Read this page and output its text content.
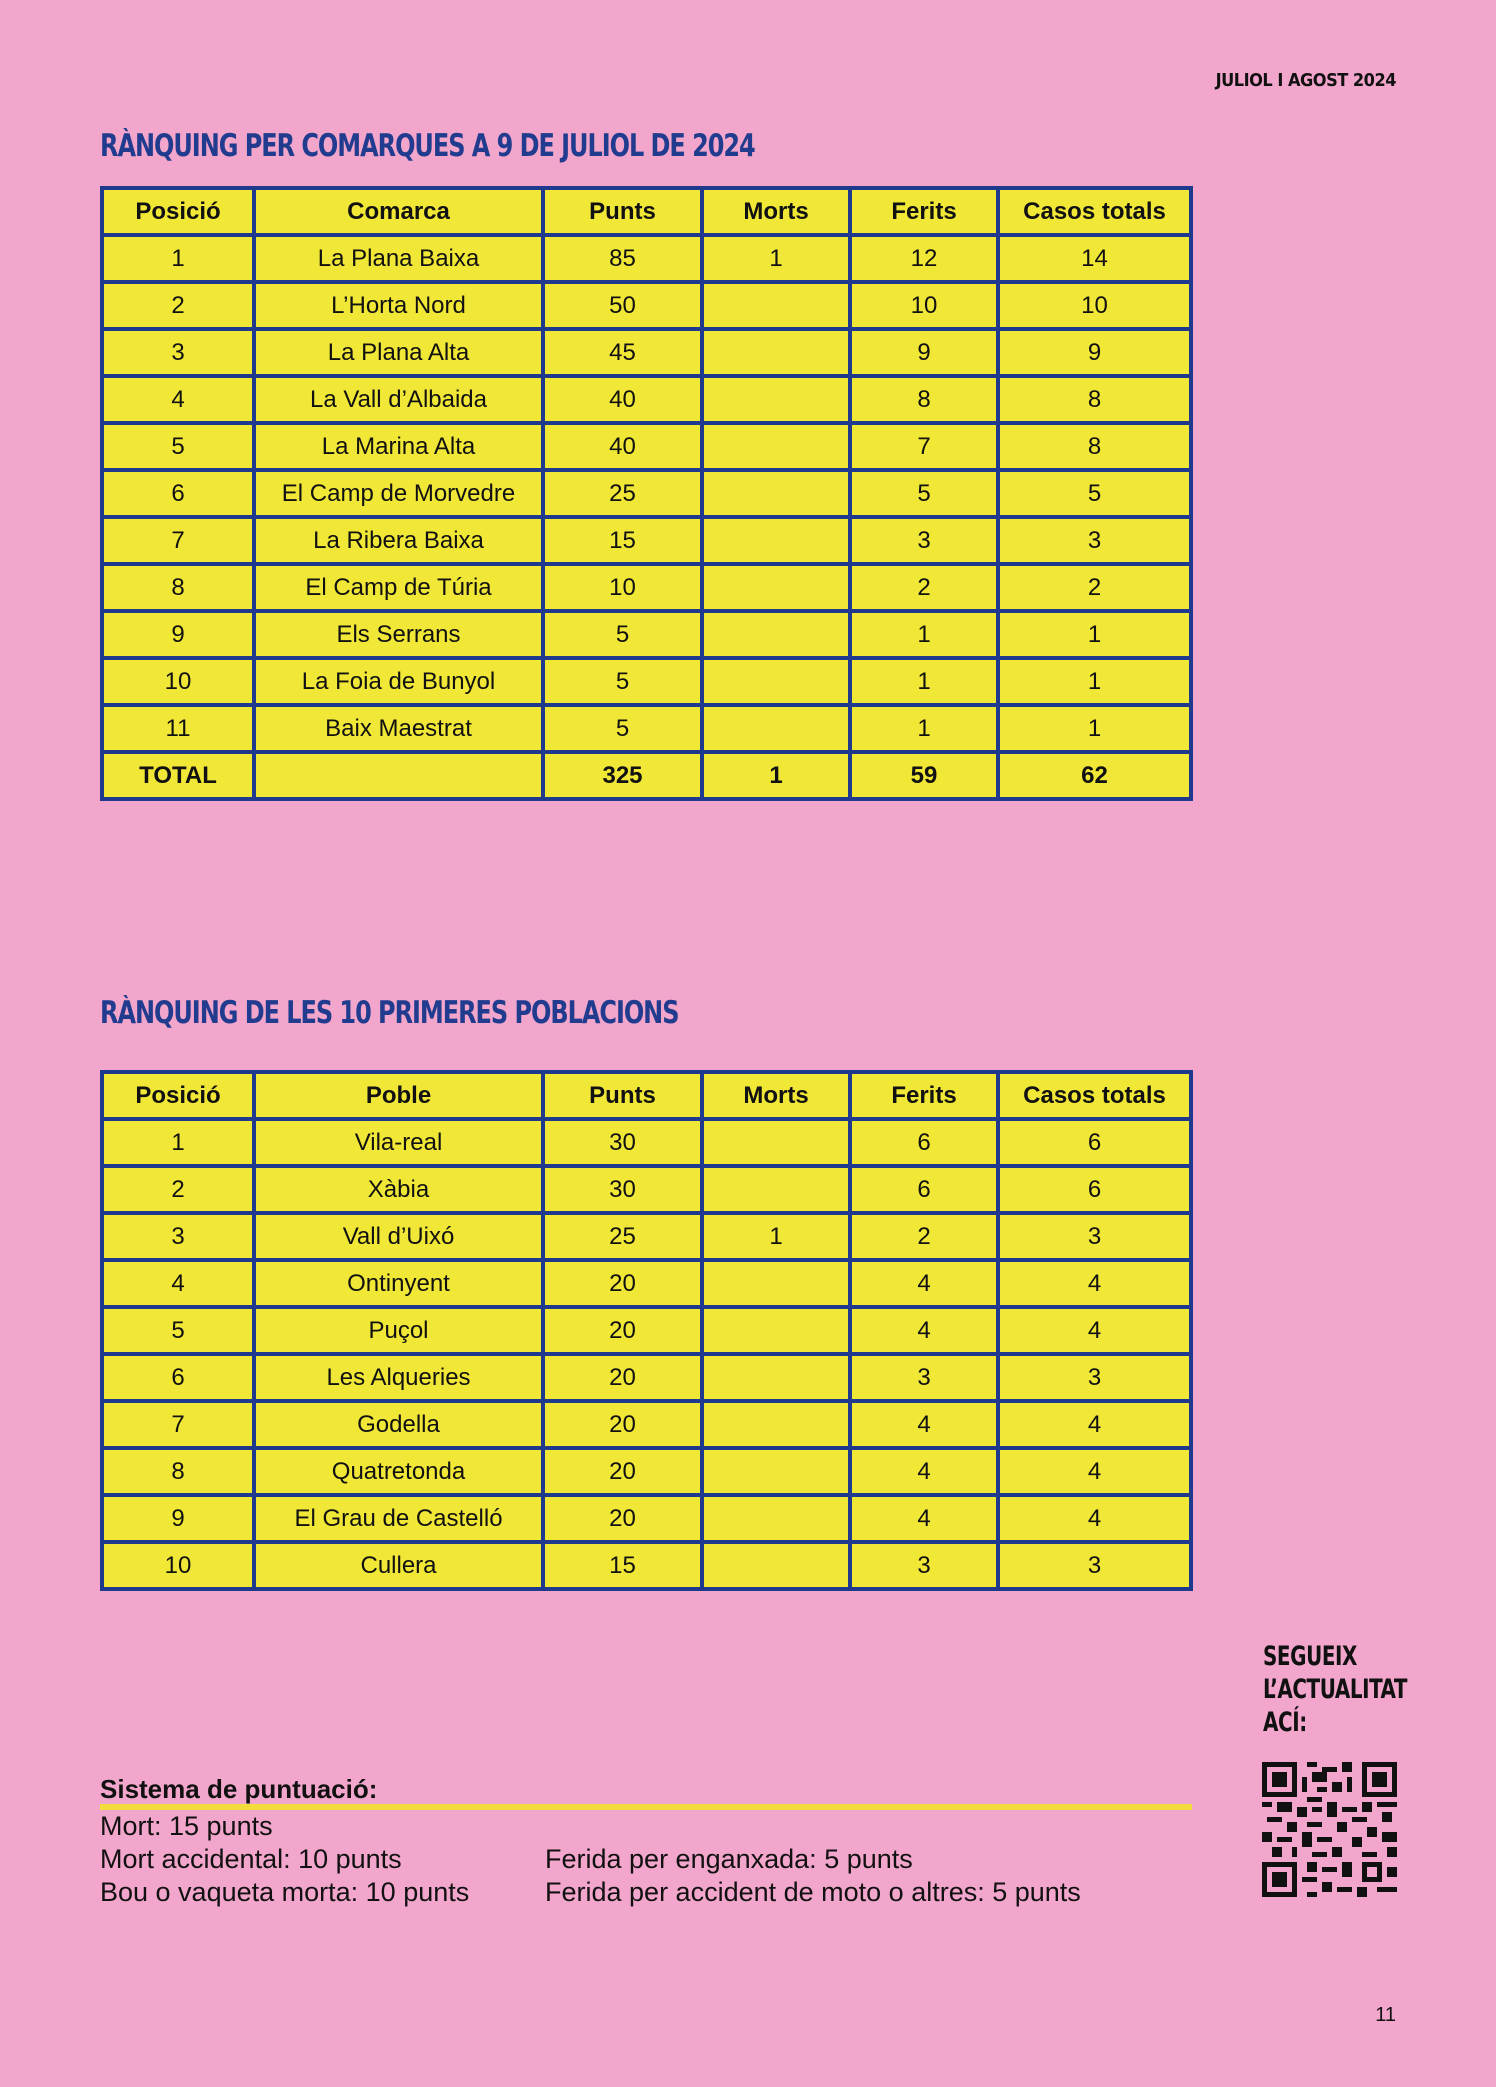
JULIOL I AGOST 2024
RÀNQUING PER COMARQUES A 9 DE JULIOL DE 2024
Posició	Comarca	Punts	Morts	Ferits	Casos totals
1	La Plana Baixa	85	1	12	14
2	L’Horta Nord	50		10	10
3	La Plana Alta	45		9	9
4	La Vall d’Albaida	40		8	8
5	La Marina Alta	40		7	8
6	El Camp de Morvedre	25		5	5
7	La Ribera Baixa	15		3	3
8	El Camp de Túria	10		2	2
9	Els Serrans	5		1	1
10	La Foia de Bunyol	5		1	1
11	Baix Maestrat	5		1	1
TOTAL		325	1	59	62
RÀNQUING DE LES 10 PRIMERES POBLACIONS
Posició	Poble	Punts	Morts	Ferits	Casos totals
1	Vila-real	30		6	6
2	Xàbia	30		6	6
3	Vall d’Uixó	25	1	2	3
4	Ontinyent	20		4	4
5	Puçol	20		4	4
6	Les Alqueries	20		3	3
7	Godella	20		4	4
8	Quatretonda	20		4	4
9	El Grau de Castelló	20		4	4
10	Cullera	15		3	3
Sistema de puntuació:
Mort: 15 punts
Mort accidental: 10 punts
Bou o vaqueta morta: 10 punts
Ferida per enganxada: 5 punts
Ferida per accident de moto o altres: 5 punts
SEGUEIX
L’ACTUALITAT
ACÍ:
11
